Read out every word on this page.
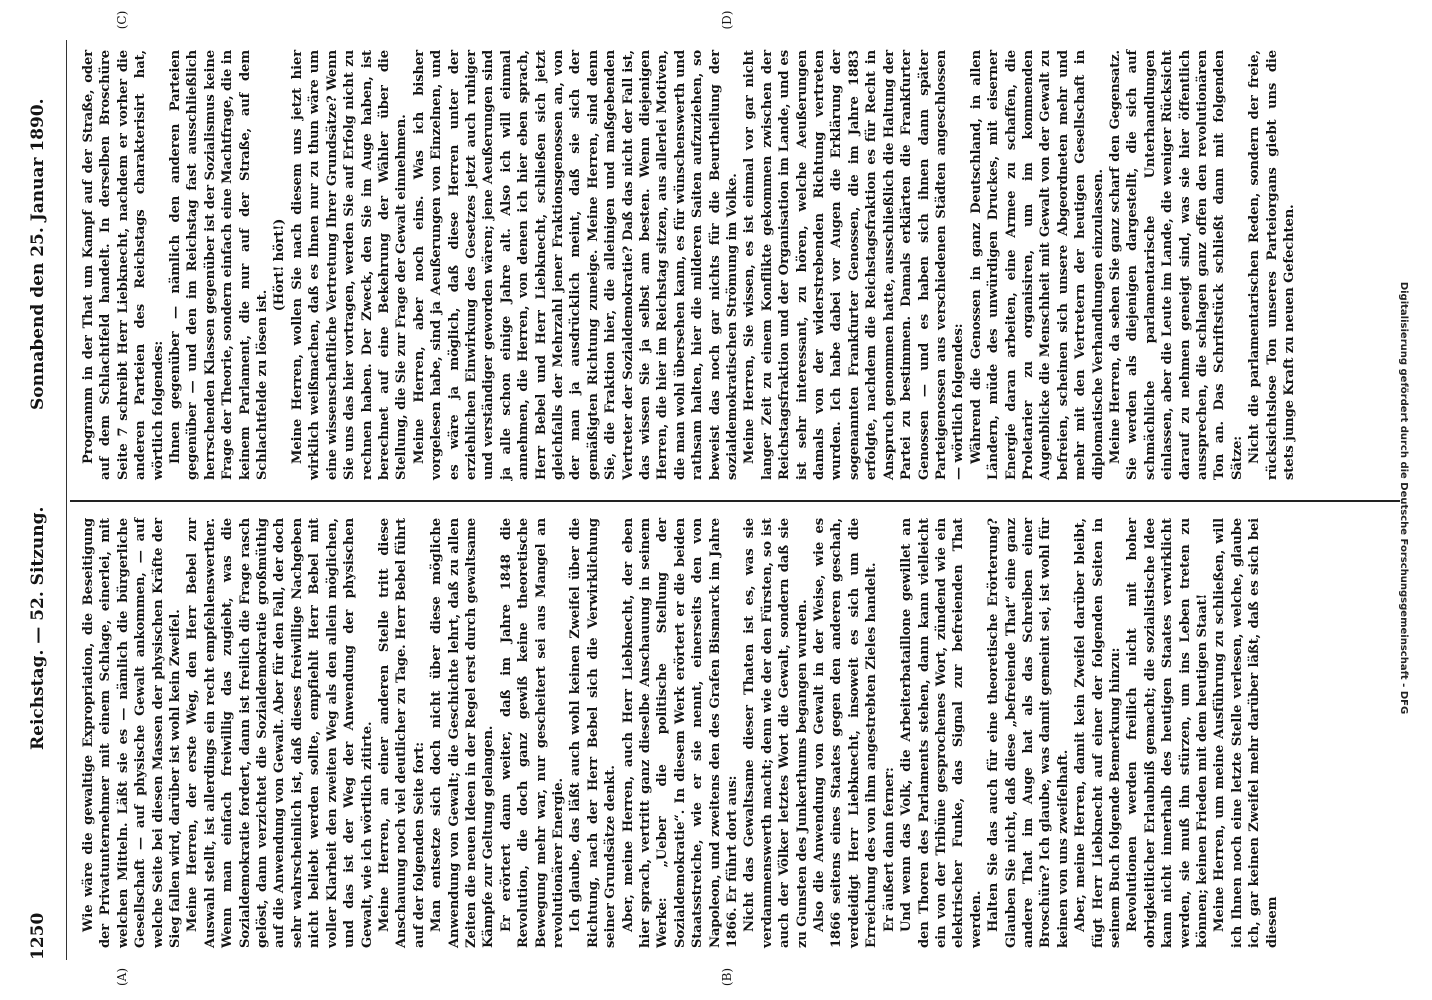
1250
Reichstag. — 52. Sitzung.
Sonnabend den 25. Januar 1890.
(A)	(B)
(C)	(D)

Wie wäre die gewaltige Expropriation, die Beseitigung der Privatunternehmer mit einem Schlage, einerlei, mit welchen Mitteln. Läßt sie es — nämlich die bürgerliche Gesellschaft — auf physische Gewalt ankommen, — auf welche Seite bei diesen Massen der physischen Kräfte der Sieg fallen wird, darüber ist wohl kein Zweifel. Meine Herren, der erste Weg, den Herr Bebel zur Auswahl stellt, ist allerdings ein recht empfehlenswerther. Wenn man einfach freiwillig das zugiebt, was die Sozialdemokratie fordert, dann ist freilich die Frage rasch gelöst, dann verzichtet die Sozialdemokratie großmüthig auf die Anwendung von Gewalt. Aber für den Fall, der doch sehr wahrscheinlich ist, daß dieses freiwillige Nachgeben nicht beliebt werden sollte, empfiehlt Herr Bebel mit voller Klarheit den zweiten Weg als den allein möglichen, und das ist der Weg der Anwendung der physischen Gewalt, wie ich wörtlich zitirte. Meine Herren, an einer anderen Stelle tritt diese Anschauung noch viel deutlicher zu Tage. Herr Bebel führt auf der folgenden Seite fort: Man entsetze sich doch nicht über diese mögliche Anwendung von Gewalt; die Geschichte lehrt, daß zu allen Zeiten die neuen Ideen in der Regel erst durch gewaltsame Kämpfe zur Geltung gelangen. Er erörtert dann weiter, daß im Jahre 1848 die Revolution, die doch ganz gewiß keine theoretische Bewegung mehr war, nur gescheitert sei aus Mangel an revolutionärer Energie. Ich glaube, das läßt auch wohl keinen Zweifel über die Richtung, nach der Herr Bebel sich die Verwirklichung seiner Grundsätze denkt. Aber, meine Herren, auch Herr Liebknecht, der eben hier sprach, vertritt ganz dieselbe Anschauung in seinem Werke: „Ueber die politische Stellung der Sozialdemokratie“. In diesem Werk erörtert er die beiden Staatsstreiche, wie er sie nennt, einerseits den von Napoleon, und zweitens den des Grafen Bismarck im Jahre 1866. Er führt dort aus: Nicht das Gewaltsame dieser Thaten ist es, was sie verdammenswerth macht; denn wie der den Fürsten, so ist auch der Völker letztes Wort die Gewalt, sondern daß sie zu Gunsten des Junkerthums begangen wurden. Also die Anwendung von Gewalt in der Weise, wie es 1866 seitens eines Staates gegen den anderen geschah, verdeidigt Herr Liebknecht, insoweit es sich um die Erreichung des von ihm angestrebten Zieles handelt. Er äußert dann ferner: Und wenn das Volk, die Arbeiterbataillone gewillet an den Thoren des Parlaments stehen, dann kann vielleicht ein von der Tribüne gesprochenes Wort, zündend wie ein elektrischer Funke, das Signal zur befreienden That werden. Halten Sie das auch für eine theoretische Erörterung? Glauben Sie nicht, daß diese „befreiende That“ eine ganz andere That im Auge hat als das Schreiben einer Broschüre? Ich glaube, was damit gemeint sei, ist wohl für keinen von uns zweifelhaft. Aber, meine Herren, damit kein Zweifel darüber bleibt, fügt Herr Liebknecht auf einer der folgenden Seiten in seinem Buch folgende Bemerkung hinzu: Revolutionen werden freilich nicht mit hoher obrigkeitlicher Erlaubniß gemacht; die sozialistische Idee kann nicht innerhalb des heutigen Staates verwirklicht werden, sie muß ihn stürzen, um ins Leben treten zu können; keinen Frieden mit dem heutigen Staat! Meine Herren, um meine Ausführung zu schließen, will ich Ihnen noch eine letzte Stelle verlesen, welche, glaube ich, gar keinen Zweifel mehr darüber läßt, daß es sich bei diesem

Programm in der That um Kampf auf der Straße, oder auf dem Schlachtfeld handelt. In derselben Broschüre Seite 7 schreibt Herr Liebknecht, nachdem er vorher die anderen Parteien des Reichstags charakterisirt hat, wörtlich folgendes: Ihnen gegenüber — nämlich den anderen Parteien gegenüber — und den im Reichstag fast ausschließlich herrschenden Klassen gegenüber ist der Sozialismus keine Frage der Theorie, sondern einfach eine Machtfrage, die in keinem Parlament, die nur auf der Straße, auf dem Schlachtfelde zu lösen ist.

(Hört! hört!) Meine Herren, wollen Sie nach diesem uns jetzt hier wirklich weißmachen, daß es Ihnen nur zu thun wäre um eine wissenschaftliche Vertretung Ihrer Grundsätze? Wenn Sie uns das hier vortragen, werden Sie auf Erfolg nicht zu rechnen haben. Der Zweck, den Sie im Auge haben, ist berechnet auf eine Bekehrung der Wähler über die Stellung, die Sie zur Frage der Gewalt einnehmen. Meine Herren, aber noch eins. Was ich bisher vorgelesen habe, sind ja Aeußerungen von Einzelnen, und es wäre ja möglich, daß diese Herren unter der erziehlichen Einwirkung des Gesetzes jetzt auch ruhiger und verständiger geworden wären; jene Aeußerungen sind ja alle schon einige Jahre alt. Also ich will einmal annehmen, die Herren, von denen ich hier eben sprach, Herr Bebel und Herr Liebknecht, schließen sich jetzt gleichfalls der Mehrzahl jener Fraktionsgenossen an, von der man ja ausdrücklich meint, daß sie sich der gemäßigten Richtung zuneige. Meine Herren, sind denn Sie, die Fraktion hier, die alleinigen und maßgebenden Vertreter der Sozialdemokratie? Daß das nicht der Fall ist, das wissen Sie ja selbst am besten. Wenn diejenigen Herren, die hier im Reichstag sitzen, aus allerlei Motiven, die man wohl übersehen kann, es für wünschenswerth und rathsam halten, hier die milderen Saiten aufzuziehen, so beweist das noch gar nichts für die Beurtheilung der sozialdemokratischen Strömung im Volke. Meine Herren, Sie wissen, es ist einmal vor gar nicht langer Zeit zu einem Konflikte gekommen zwischen der Reichstagsfraktion und der Organisation im Lande, und es ist sehr interessant, zu hören, welche Aeußerungen damals von der widerstrebenden Richtung vertreten wurden. Ich habe dabei vor Augen die Erklärung der sogenannten Frankfurter Genossen, die im Jahre 1883 erfolgte, nachdem die Reichstagsfraktion es für Recht in Anspruch genommen hatte, ausschließlich die Haltung der Partei zu bestimmen. Damals erklärten die Frankfurter Genossen — und es haben sich ihnen dann später Parteigenossen aus verschiedenen Städten angeschlossen — wörtlich folgendes: Während die Genossen in ganz Deutschland, in allen Ländern, müde des unwürdigen Druckes, mit eiserner Energie daran arbeiten, eine Armee zu schaffen, die Proletarier zu organisiren, um im kommenden Augenblicke die Menschheit mit Gewalt von der Gewalt zu befreien, scheinen sich unsere Abgeordneten mehr und mehr mit den Vertretern der heutigen Gesellschaft in diplomatische Verhandlungen einzulassen. Meine Herren, da sehen Sie ganz scharf den Gegensatz. Sie werden als diejenigen dargestellt, die sich auf schmächliche parlamentarische Unterhandlungen einlassen, aber die Leute im Lande, die weniger Rücksicht darauf zu nehmen geneigt sind, was sie hier öffentlich aussprechen, die schlagen ganz offen den revolutionären Ton an. Das Schriftstück schließt dann mit folgenden Sätze: Nicht die parlamentarischen Reden, sondern der freie, rücksichtslose Ton unseres Parteiorgans giebt uns die stets junge Kraft zu neuen Gefechten.	Digitalisierung gefördert durch die Deutsche Forschungsgemeinschaft - DFG
